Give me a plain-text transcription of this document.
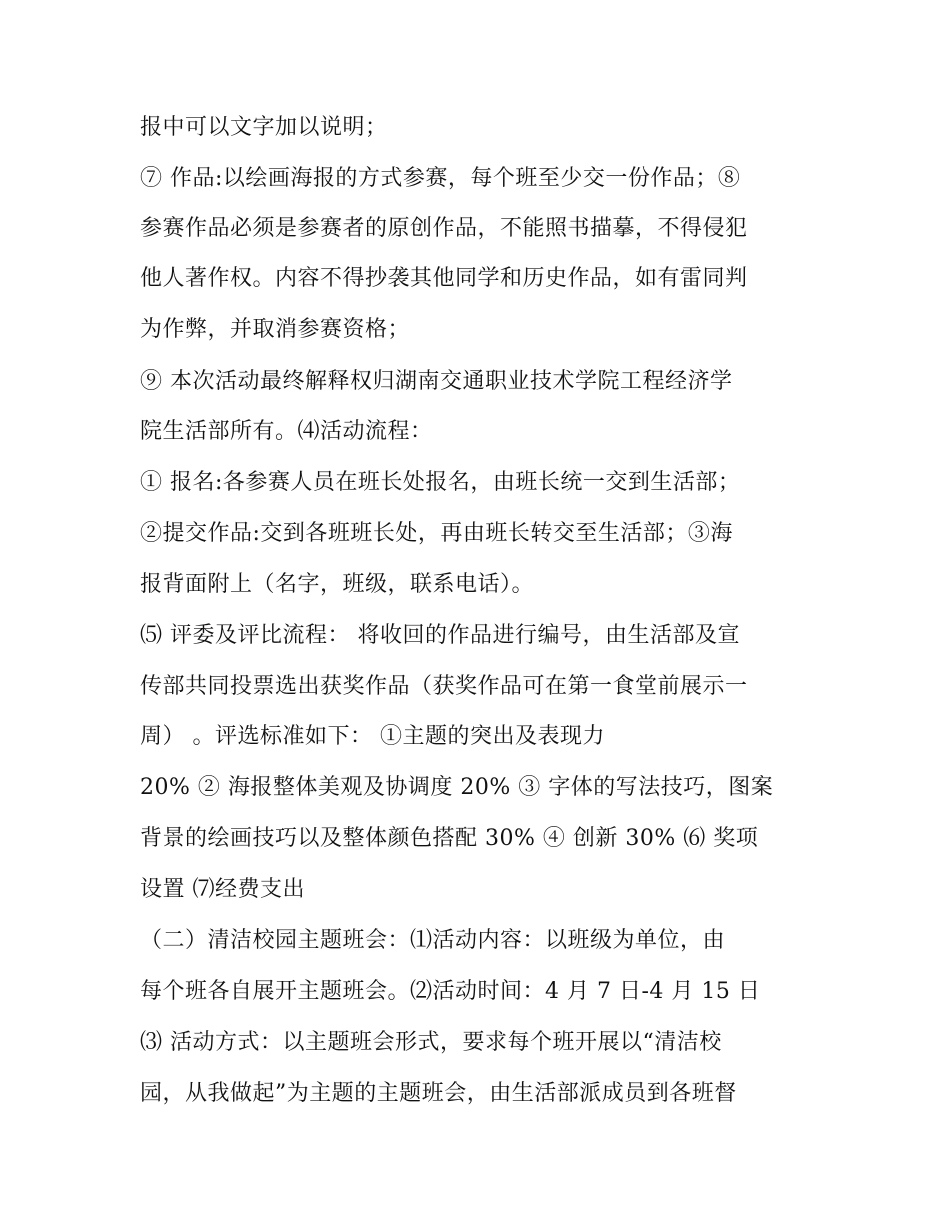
报中可以文字加以说明；
⑦ 作品:以绘画海报的方式参赛，每个班至少交一份作品；⑧
参赛作品必须是参赛者的原创作品，不能照书描摹，不得侵犯
他人著作权。内容不得抄袭其他同学和历史作品，如有雷同判
为作弊，并取消参赛资格；
⑨ 本次活动最终解释权归湖南交通职业技术学院工程经济学
院生活部所有。⑷活动流程：
① 报名:各参赛人员在班长处报名，由班长统一交到生活部；
②提交作品:交到各班班长处，再由班长转交至生活部；③海
报背面附上（名字，班级，联系电话）。
⑸ 评委及评比流程： 将收回的作品进行编号，由生活部及宣
传部共同投票选出获奖作品（获奖作品可在第一食堂前展示一
周） 。评选标准如下： ①主题的突出及表现力
20% ② 海报整体美观及协调度 20% ③ 字体的写法技巧，图案
背景的绘画技巧以及整体颜色搭配 30% ④ 创新 30% ⑹ 奖项
设置 ⑺经费支出
（二）清洁校园主题班会：⑴活动内容：以班级为单位，由
每个班各自展开主题班会。⑵活动时间：4 月 7 日-4 月 15 日
⑶ 活动方式：以主题班会形式，要求每个班开展以“清洁校
园，从我做起”为主题的主题班会，由生活部派成员到各班督
